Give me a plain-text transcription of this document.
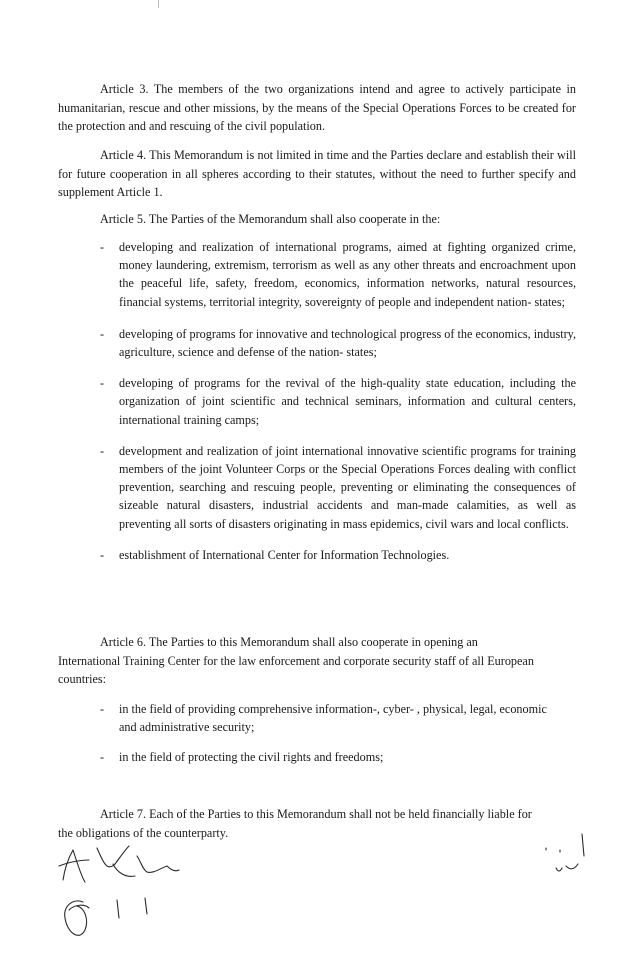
Article 3. The members of the two organizations intend and agree to actively participate in humanitarian, rescue and other missions, by the means of the Special Operations Forces to be created for the protection and and rescuing of the civil population.

Article 4. This Memorandum is not limited in time and the Parties declare and establish their will for future cooperation in all spheres according to their statutes, without the need to further specify and supplement Article 1.

Article 5. The Parties of the Memorandum shall also cooperate in the:

- developing and realization of international programs, aimed at fighting organized crime, money laundering, extremism, terrorism as well as any other threats and encroachment upon the peaceful life, safety, freedom, economics, information networks, natural resources, financial systems, territorial integrity, sovereignty of people and independent nation- states;
- developing of programs for innovative and technological progress of the economics, industry, agriculture, science and defense of the nation- states;
- developing of programs for the revival of the high-quality state education, including the organization of joint scientific and technical seminars, information and cultural centers, international training camps;
- development and realization of joint international innovative scientific programs for training members of the joint Volunteer Corps or the Special Operations Forces dealing with conflict prevention, searching and rescuing people, preventing or eliminating the consequences of sizeable natural disasters, industrial accidents and man-made calamities, as well as preventing all sorts of disasters originating in mass epidemics, civil wars and local conflicts.
- establishment of International Center for Information Technologies.

Article 6. The Parties to this Memorandum shall also cooperate in opening an International Training Center for the law enforcement and corporate security staff of all European countries:

- in the field of providing comprehensive information-, cyber- , physical, legal, economic and administrative security;
- in the field of protecting the civil rights and freedoms;

Article 7. Each of the Parties to this Memorandum shall not be held financially liable for the obligations of the counterparty.
